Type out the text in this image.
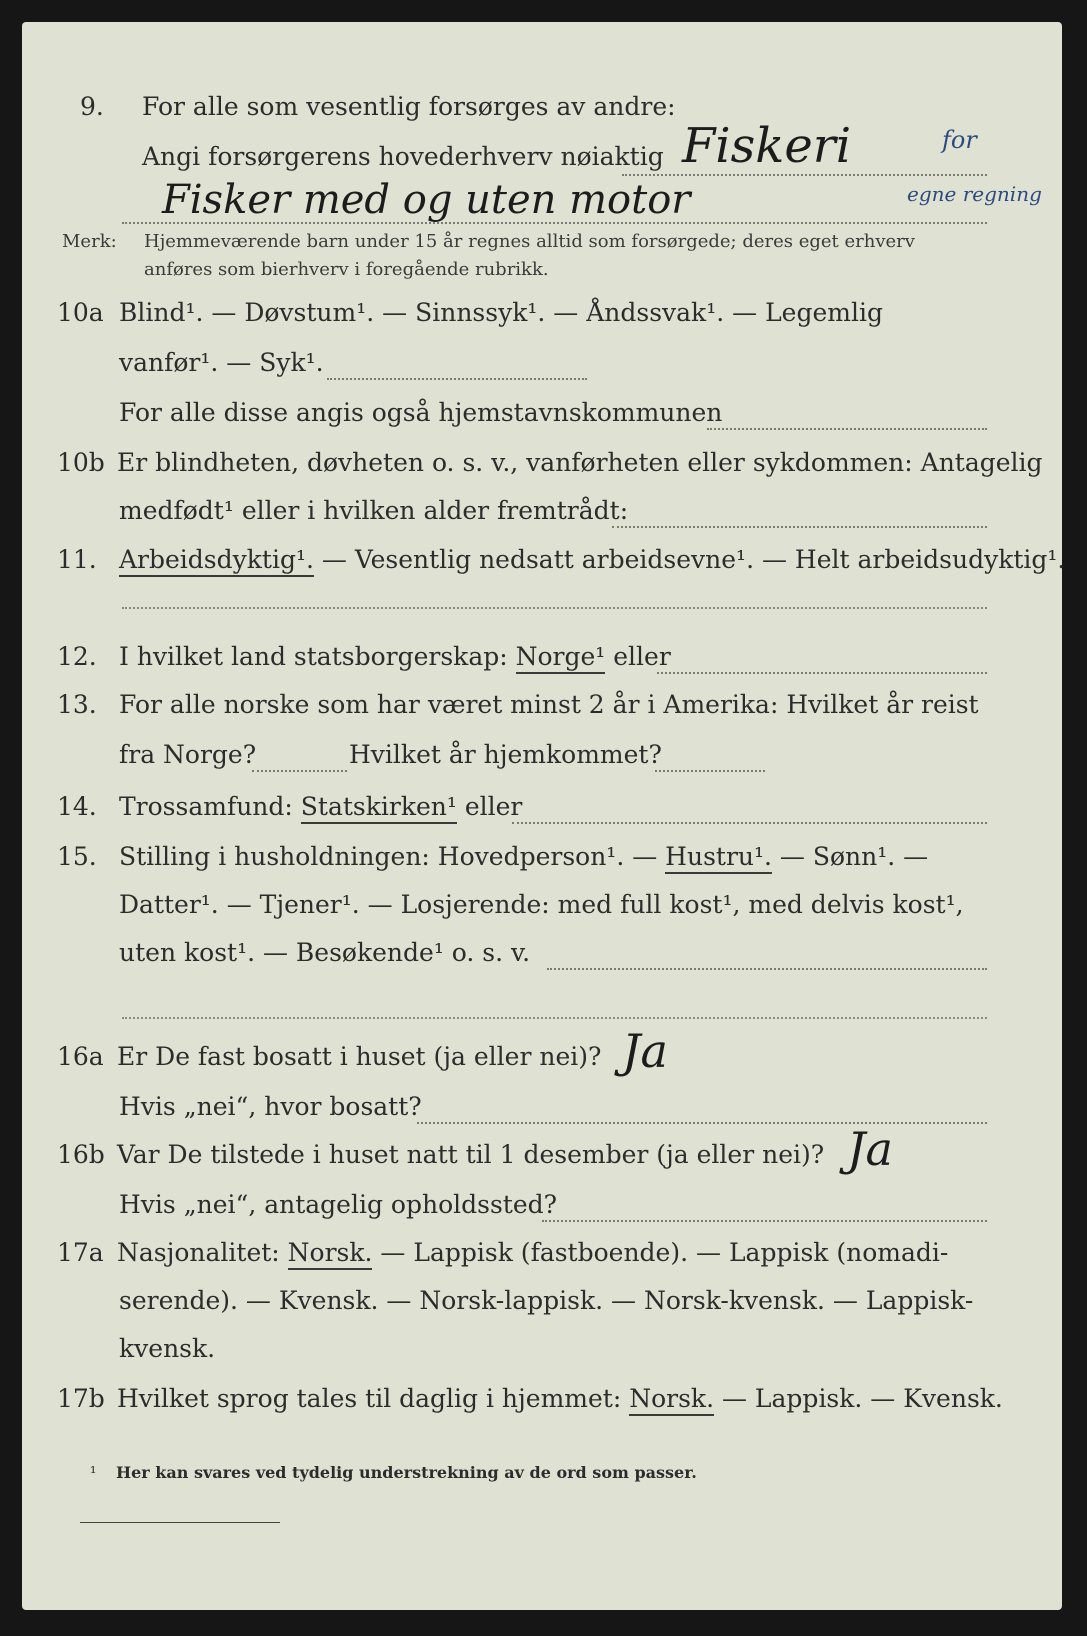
9. For alle som vesentlig forsørges av andre:
Angi forsørgerens hovederhverv nøiaktig Fiskeri	for
Fisker med og uten motor	egne regning
Merk: Hjemmeværende barn under 15 år regnes alltid som forsørgede; deres eget erhverv
anføres som bierhverv i foregående rubrikk.
10a Blind¹. — Døvstum¹. — Sinnssyk¹. — Åndssvak¹. — Legemlig
vanfør¹. — Syk¹.
For alle disse angis også hjemstavnskommunen
10b Er blindheten, døvheten o. s. v., vanførheten eller sykdommen: Antagelig
medfødt¹ eller i hvilken alder fremtrådt:
11. Arbeidsdyktig¹. — Vesentlig nedsatt arbeidsevne¹. — Helt arbeidsudyktig¹.
12. I hvilket land statsborgerskap: Norge¹ eller
13. For alle norske som har været minst 2 år i Amerika: Hvilket år reist
fra Norge?	Hvilket år hjemkommet?
14. Trossamfund: Statskirken¹ eller
15. Stilling i husholdningen: Hovedperson¹. — Hustru¹. — Sønn¹. —
Datter¹. — Tjener¹. — Losjerende: med full kost¹, med delvis kost¹,
uten kost¹. — Besøkende¹ o. s. v.
16a Er De fast bosatt i huset (ja eller nei)? Ja
Hvis „nei“, hvor bosatt?
16b Var De tilstede i huset natt til 1 desember (ja eller nei)? Ja
Hvis „nei“, antagelig opholdssted?
17a Nasjonalitet: Norsk. — Lappisk (fastboende). — Lappisk (nomadi-
serende). — Kvensk. — Norsk-lappisk. — Norsk-kvensk. — Lappisk-
kvensk.
17b Hvilket sprog tales til daglig i hjemmet: Norsk. — Lappisk. — Kvensk.
¹ Her kan svares ved tydelig understrekning av de ord som passer.
